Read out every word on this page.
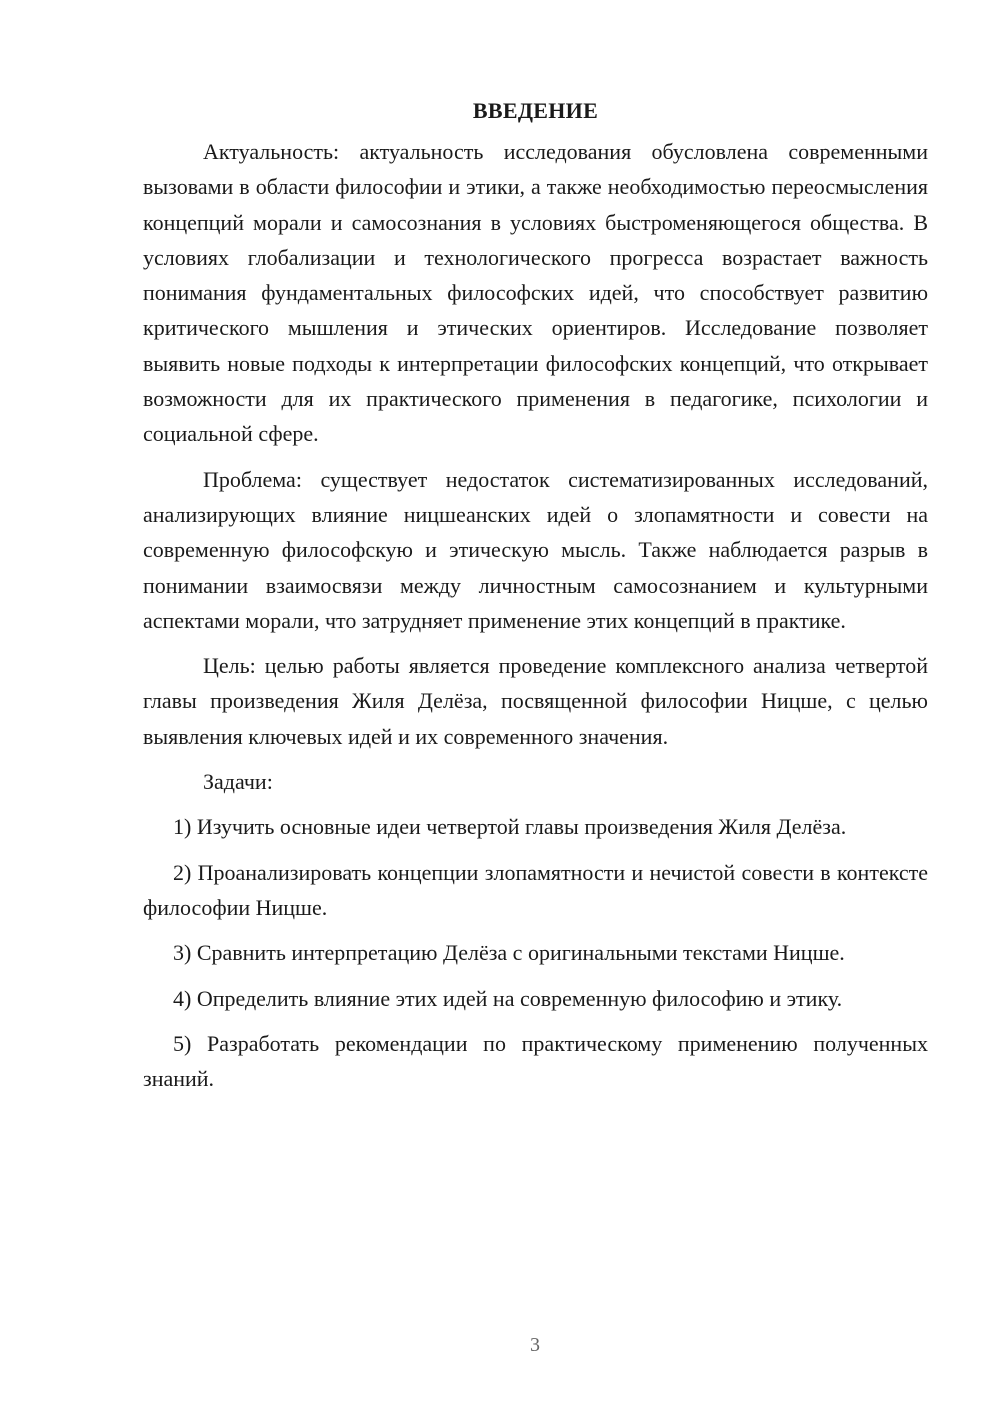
ВВЕДЕНИЕ

Актуальность: актуальность исследования обусловлена современными вызовами в области философии и этики, а также необходимостью переосмысления концепций морали и самосознания в условиях быстроменяющегося общества. В условиях глобализации и технологического прогресса возрастает важность понимания фундаментальных философских идей, что способствует развитию критического мышления и этических ориентиров. Исследование позволяет выявить новые подходы к интерпретации философских концепций, что открывает возможности для их практического применения в педагогике, психологии и социальной сфере.

Проблема: существует недостаток систематизированных исследований, анализирующих влияние ницшеанских идей о злопамятности и совести на современную философскую и этическую мысль. Также наблюдается разрыв в понимании взаимосвязи между личностным самосознанием и культурными аспектами морали, что затрудняет применение этих концепций в практике.

Цель: целью работы является проведение комплексного анализа четвертой главы произведения Жиля Делёза, посвященной философии Ницше, с целью выявления ключевых идей и их современного значения.

Задачи:

1) Изучить основные идеи четвертой главы произведения Жиля Делёза.

2) Проанализировать концепции злопамятности и нечистой совести в контексте философии Ницше.

3) Сравнить интерпретацию Делёза с оригинальными текстами Ницше.

4) Определить влияние этих идей на современную философию и этику.

5) Разработать рекомендации по практическому применению полученных знаний.

3
